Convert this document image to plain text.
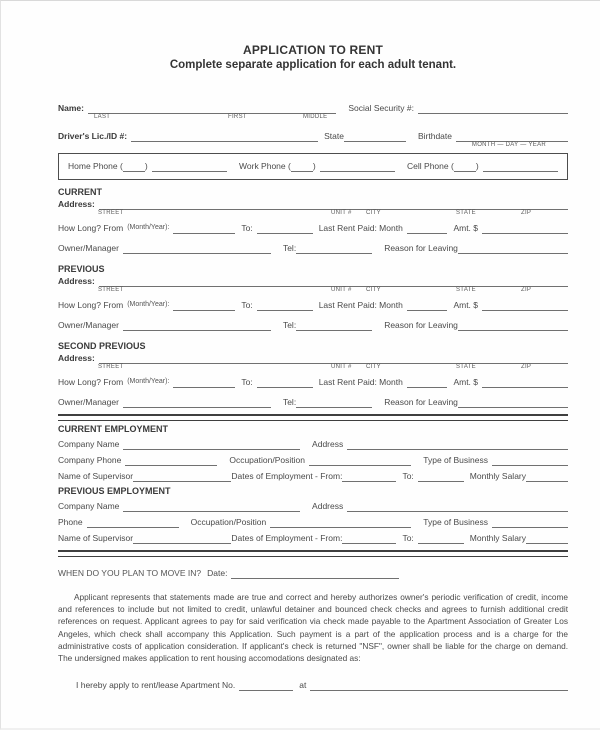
APPLICATION TO RENT
Complete separate application for each adult tenant.
Name:	Social Security #:
LAST	FIRST	MIDDLE
Driver's Lic./ID #:	State	Birthdate
MONTH — DAY — YEAR
Home Phone (	)	Work Phone (	)	Cell Phone (	)
CURRENT
Address:
STREET	UNIT # CITY	STATE	ZIP
How Long? From (Month/Year):	To:	Last Rent Paid: Month	Amt. $
Owner/Manager	Tel:	Reason for Leaving
PREVIOUS
Address:
STREET	UNIT # CITY	STATE	ZIP
How Long? From (Month/Year):	To:	Last Rent Paid: Month	Amt. $
Owner/Manager	Tel:	Reason for Leaving
SECOND PREVIOUS
Address:
STREET	UNIT # CITY	STATE	ZIP
How Long? From (Month/Year):	To:	Last Rent Paid: Month	Amt. $
Owner/Manager	Tel:	Reason for Leaving
CURRENT EMPLOYMENT
Company Name	Address
Company Phone	Occupation/Position	Type of Business
Name of Supervisor	Dates of Employment - From:	To:	Monthly Salary
PREVIOUS EMPLOYMENT
Company Name	Address
Phone	Occupation/Position	Type of Business
Name of Supervisor	Dates of Employment - From:	To:	Monthly Salary
WHEN DO YOU PLAN TO MOVE IN? Date:
Applicant represents that statements made are true and correct and hereby authorizes owner's periodic verification of credit, income and references to include but not limited to credit, unlawful detainer and bounced check checks and agrees to furnish additional credit references on request. Applicant agrees to pay for said verification via check made payable to the Apartment Association of Greater Los Angeles, which check shall accompany this Application. Such payment is a part of the application process and is a charge for the administrative costs of application consideration. If applicant's check is returned "NSF", owner shall be liable for the charge on demand. The undersigned makes application to rent housing accomodations designated as:
I hereby apply to rent/lease Apartment No.	at
